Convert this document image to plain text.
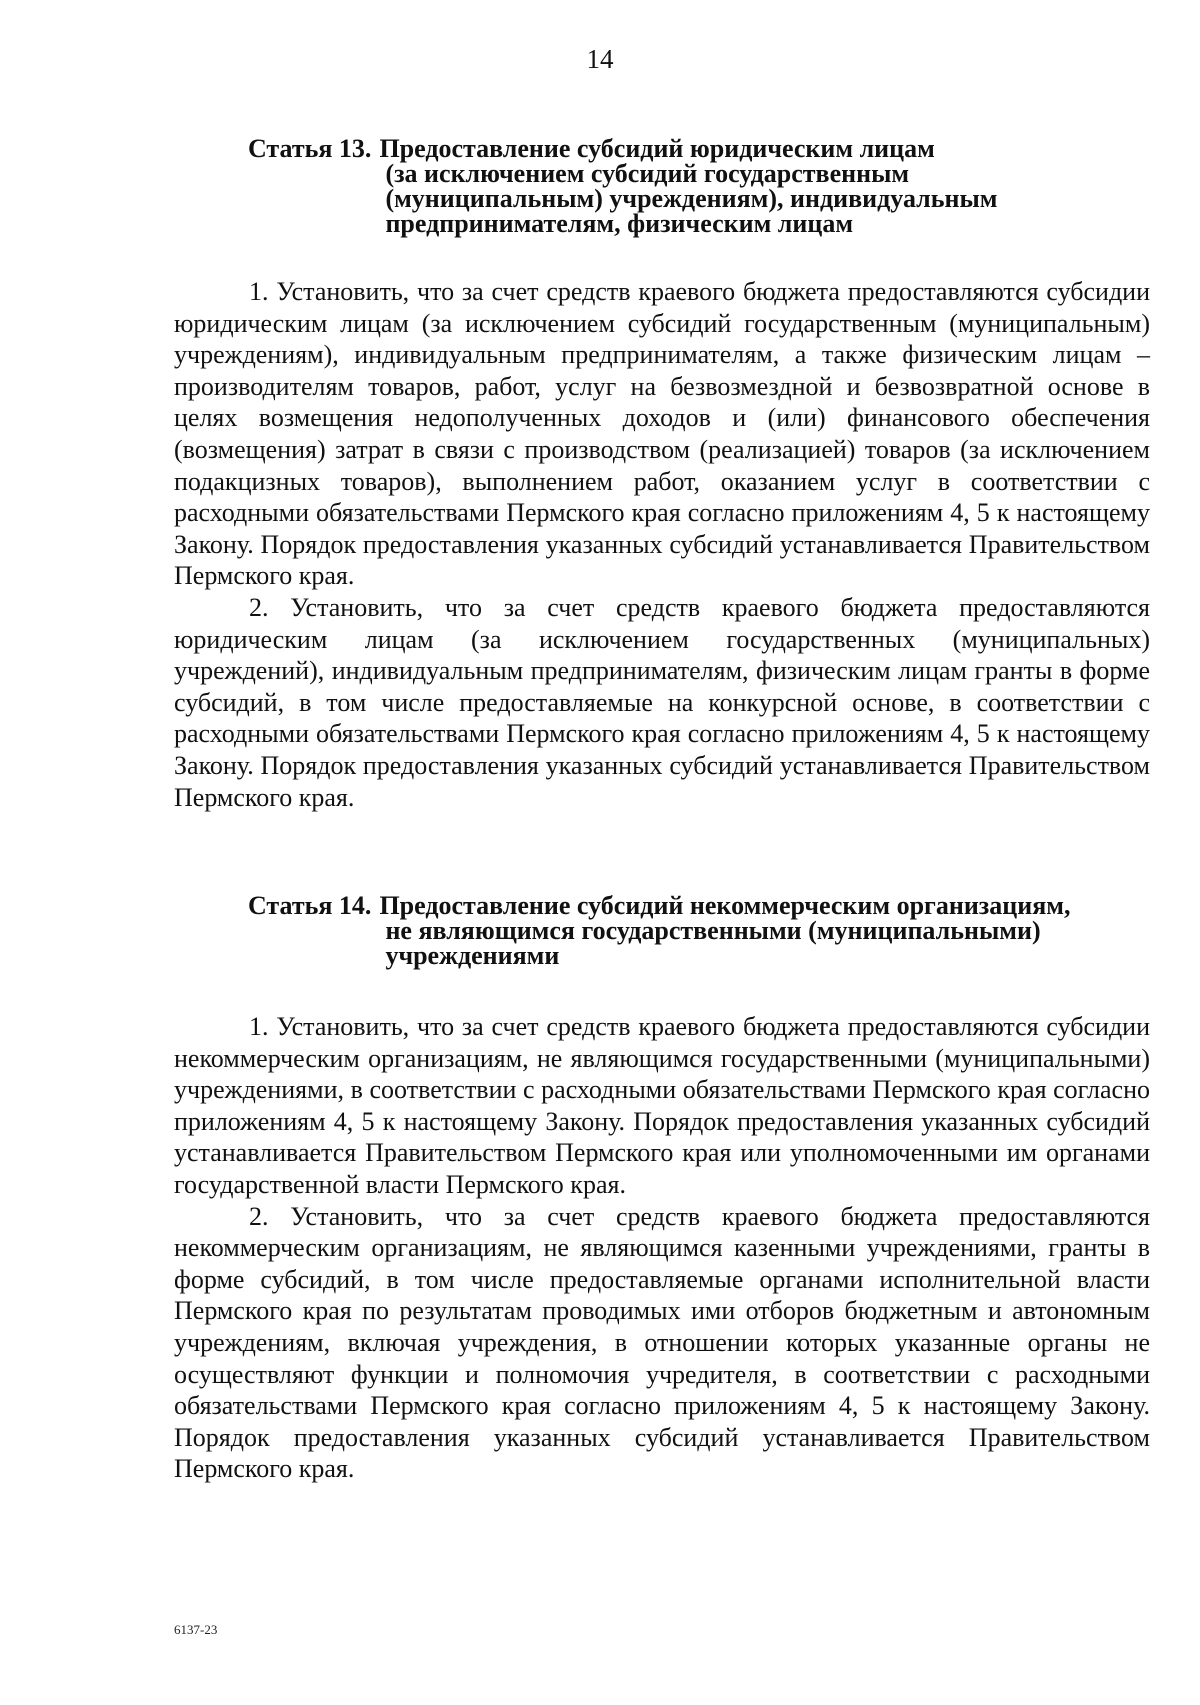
14
Статья 13. Предоставление субсидий юридическим лицам
(за исключением субсидий государственным
(муниципальным) учреждениям), индивидуальным
предпринимателям, физическим лицам

1. Установить, что за счет средств краевого бюджета предоставляются субсидии юридическим лицам (за исключением субсидий государственным (муниципальным) учреждениям), индивидуальным предпринимателям, а также физическим лицам – производителям товаров, работ, услуг на безвозмездной и безвозвратной основе в целях возмещения недополученных доходов и (или) финансового обеспечения (возмещения) затрат в связи с производством (реализацией) товаров (за исключением подакцизных товаров), выполнением работ, оказанием услуг в соответствии с расходными обязательствами Пермского края согласно приложениям 4, 5 к настоящему Закону. Порядок предоставления указанных субсидий устанавливается Правительством Пермского края.

2. Установить, что за счет средств краевого бюджета предоставляются юридическим лицам (за исключением государственных (муниципальных) учреждений), индивидуальным предпринимателям, физическим лицам гранты в форме субсидий, в том числе предоставляемые на конкурсной основе, в соответствии с расходными обязательствами Пермского края согласно приложениям 4, 5 к настоящему Закону. Порядок предоставления указанных субсидий устанавливается Правительством Пермского края.

Статья 14. Предоставление субсидий некоммерческим организациям,
не являющимся государственными (муниципальными)
учреждениями

1. Установить, что за счет средств краевого бюджета предоставляются субсидии некоммерческим организациям, не являющимся государственными (муниципальными) учреждениями, в соответствии с расходными обязательствами Пермского края согласно приложениям 4, 5 к настоящему Закону. Порядок предоставления указанных субсидий устанавливается Правительством Пермского края или уполномоченными им органами государственной власти Пермского края.

2. Установить, что за счет средств краевого бюджета предоставляются некоммерческим организациям, не являющимся казенными учреждениями, гранты в форме субсидий, в том числе предоставляемые органами исполнительной власти Пермского края по результатам проводимых ими отборов бюджетным и автономным учреждениям, включая учреждения, в отношении которых указанные органы не осуществляют функции и полномочия учредителя, в соответствии с расходными обязательствами Пермского края согласно приложениям 4, 5 к настоящему Закону. Порядок предоставления указанных субсидий устанавливается Правительством Пермского края.

6137-23
